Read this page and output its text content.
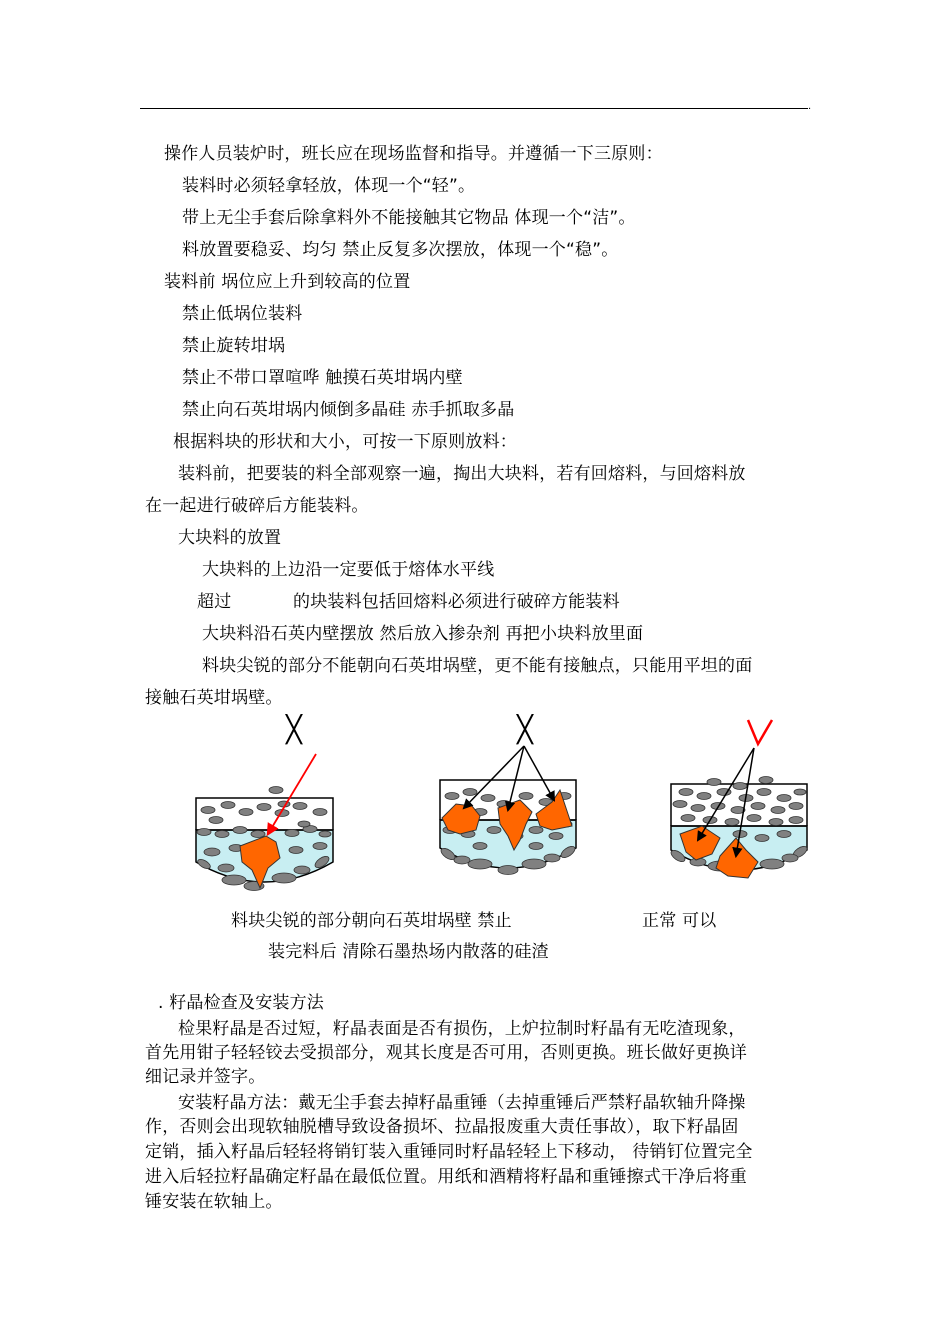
.
操作人员装炉时，班长应在现场监督和指导。并遵循一下三原则：
装料时必须轻拿轻放，体现一个“轻”。
带上无尘手套后除拿料外不能接触其它物品 体现一个“洁”。
料放置要稳妥、均匀 禁止反复多次摆放，体现一个“稳”。
装料前 埚位应上升到较高的位置
禁止低埚位装料
禁止旋转坩埚
禁止不带口罩喧哗 触摸石英坩埚内壁
禁止向石英坩埚内倾倒多晶硅 赤手抓取多晶
根据料块的形状和大小，可按一下原则放料：
装料前，把要装的料全部观察一遍，掏出大块料，若有回熔料，与回熔料放
在一起进行破碎后方能装料。
大块料的放置
大块料的上边沿一定要低于熔体水平线
超过	的块装料包括回熔料必须进行破碎方能装料
大块料沿石英内壁摆放 然后放入掺杂剂 再把小块料放里面
料块尖锐的部分不能朝向石英坩埚壁，更不能有接触点，只能用平坦的面
接触石英坩埚壁。
╳	╳
料块尖锐的部分朝向石英坩埚壁 禁止	正常 可以
装完料后 清除石墨热场内散落的硅渣
. 籽晶检查及安装方法
检果籽晶是否过短，籽晶表面是否有损伤，上炉拉制时籽晶有无吃渣现象，
首先用钳子轻轻铰去受损部分，观其长度是否可用，否则更换。班长做好更换详
细记录并签字。
安装籽晶方法：戴无尘手套去掉籽晶重锤（去掉重锤后严禁籽晶软轴升降操
作，否则会出现软轴脱槽导致设备损坏、拉晶报废重大责任事故），取下籽晶固
定销，插入籽晶后轻轻将销钉装入重锤同时籽晶轻轻上下移动， 待销钉位置完全
进入后轻拉籽晶确定籽晶在最低位置。用纸和酒精将籽晶和重锤擦式干净后将重
锤安装在软轴上。
